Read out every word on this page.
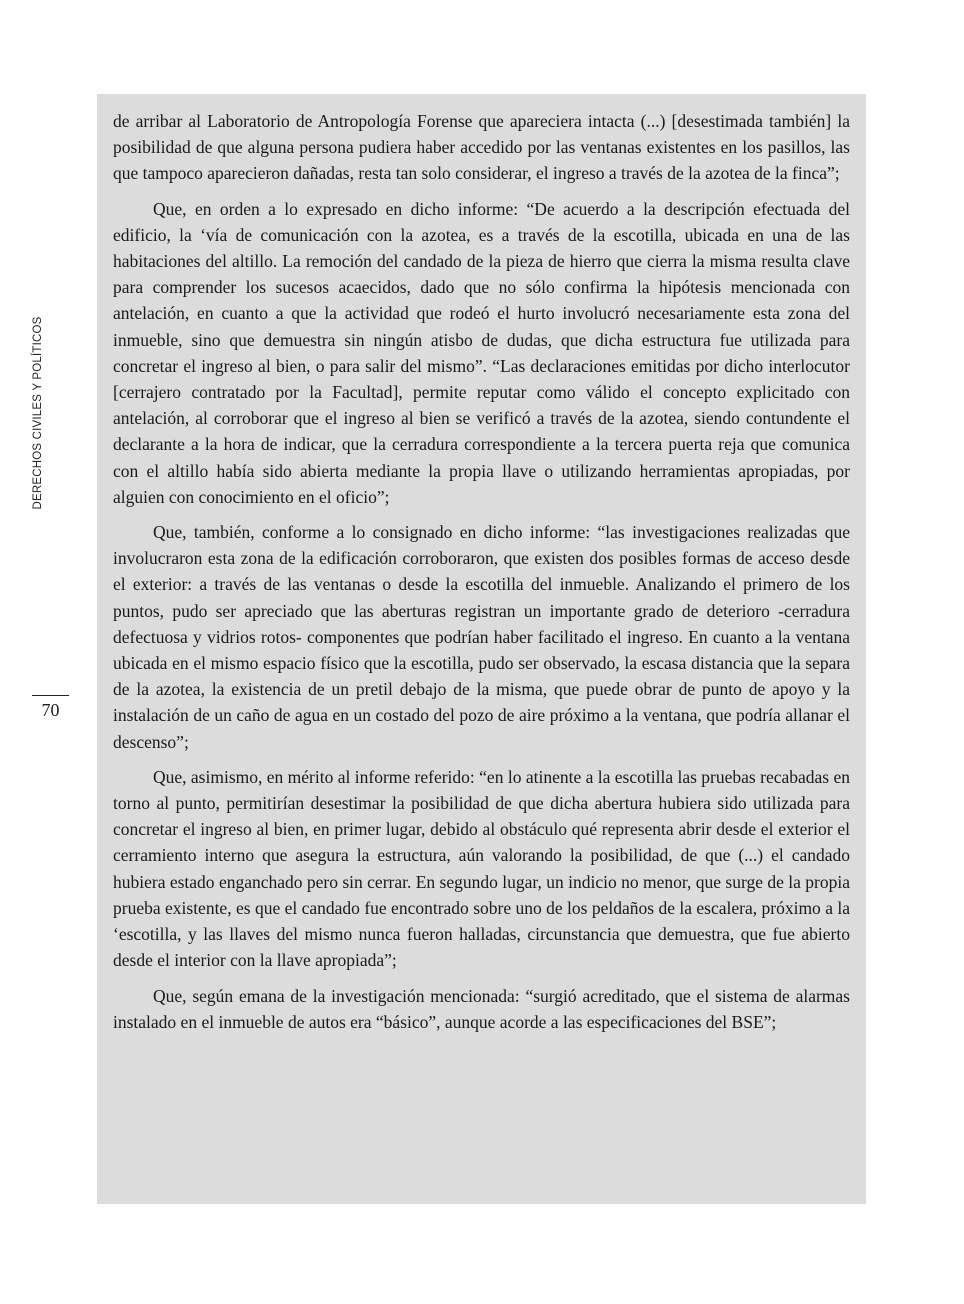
DERECHOS CIVILES Y POLÍTICOS
70

de arribar al Laboratorio de Antropología Forense que apareciera intacta (...) [desestimada también] la posibilidad de que alguna persona pudiera haber accedido por las ventanas existentes en los pasillos, las que tampoco aparecieron dañadas, resta tan solo considerar, el ingreso a través de la azotea de la finca”;

Que, en orden a lo expresado en dicho informe: “De acuerdo a la descripción efectuada del edificio, la ‘vía de comunicación con la azotea, es a través de la escotilla, ubicada en una de las habitaciones del altillo. La remoción del candado de la pieza de hierro que cierra la misma resulta clave para comprender los sucesos acaecidos, dado que no sólo confirma la hipótesis mencionada con antelación, en cuanto a que la actividad que rodeó el hurto involucró necesariamente esta zona del inmueble, sino que demuestra sin ningún atisbo de dudas, que dicha estructura fue utilizada para concretar el ingreso al bien, o para salir del mismo”. “Las declaraciones emitidas por dicho interlocutor [cerrajero contratado por la Facultad], permite reputar como válido el concepto explicitado con antelación, al corroborar que el ingreso al bien se verificó a través de la azotea, siendo contundente el declarante a la hora de indicar, que la cerradura correspondiente a la tercera puerta reja que comunica con el altillo había sido abierta mediante la propia llave o utilizando herramientas apropiadas, por alguien con conocimiento en el oficio”;

Que, también, conforme a lo consignado en dicho informe: “las investigaciones realizadas que involucraron esta zona de la edificación corroboraron, que existen dos posibles formas de acceso desde el exterior: a través de las ventanas o desde la escotilla del inmueble. Analizando el primero de los puntos, pudo ser apreciado que las aberturas registran un importante grado de deterioro -cerradura defectuosa y vidrios rotos- componentes que podrían haber facilitado el ingreso. En cuanto a la ventana ubicada en el mismo espacio físico que la escotilla, pudo ser observado, la escasa distancia que la separa de la azotea, la existencia de un pretil debajo de la misma, que puede obrar de punto de apoyo y la instalación de un caño de agua en un costado del pozo de aire próximo a la ventana, que podría allanar el descenso”;

Que, asimismo, en mérito al informe referido: “en lo atinente a la escotilla las pruebas recabadas en torno al punto, permitirían desestimar la posibilidad de que dicha abertura hubiera sido utilizada para concretar el ingreso al bien, en primer lugar, debido al obstáculo qué representa abrir desde el exterior el cerramiento interno que asegura la estructura, aún valorando la posibilidad, de que (...) el candado hubiera estado enganchado pero sin cerrar. En segundo lugar, un indicio no menor, que surge de la propia prueba existente, es que el candado fue encontrado sobre uno de los peldaños de la escalera, próximo a la ‘escotilla, y las llaves del mismo nunca fueron halladas, circunstancia que demuestra, que fue abierto desde el interior con la llave apropiada”;

Que, según emana de la investigación mencionada: “surgió acreditado, que el sistema de alarmas instalado en el inmueble de autos era “básico”, aunque acorde a las especificaciones del BSE”;
